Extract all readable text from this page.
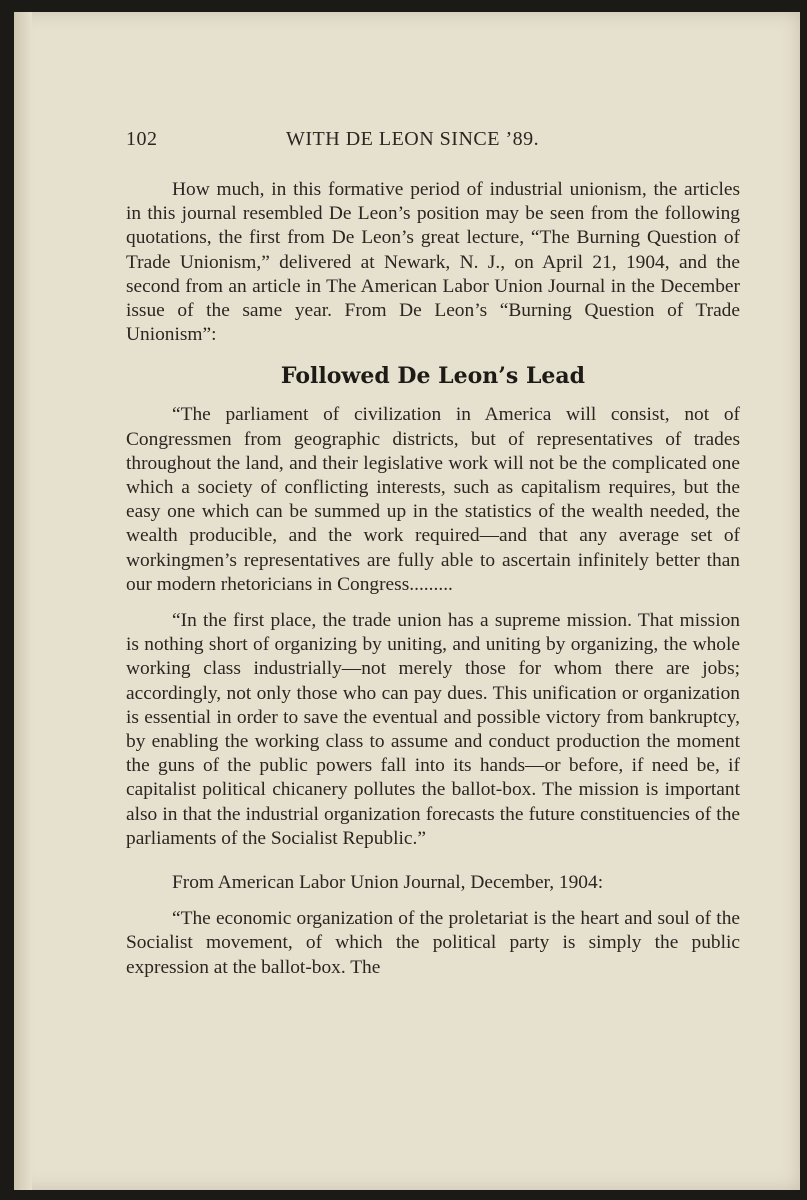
102	WITH DE LEON SINCE ’89.

How much, in this formative period of industrial unionism, the articles in this journal resembled De Leon’s position may be seen from the following quotations, the first from De Leon’s great lecture, “The Burning Question of Trade Unionism,” delivered at Newark, N. J., on April 21, 1904, and the second from an article in The American Labor Union Journal in the December issue of the same year. From De Leon’s “Burning Question of Trade Unionism”:

Followed De Leon’s Lead

“The parliament of civilization in America will consist, not of Congressmen from geographic districts, but of representatives of trades throughout the land, and their legislative work will not be the complicated one which a society of conflicting interests, such as capitalism requires, but the easy one which can be summed up in the statistics of the wealth needed, the wealth producible, and the work required—and that any average set of workingmen’s representatives are fully able to ascertain infinitely better than our modern rhetoricians in Congress.........

“In the first place, the trade union has a supreme mission. That mission is nothing short of organizing by uniting, and uniting by organizing, the whole working class industrially—not merely those for whom there are jobs; accordingly, not only those who can pay dues. This unification or organization is essential in order to save the eventual and possible victory from bankruptcy, by enabling the working class to assume and conduct production the moment the guns of the public powers fall into its hands—or before, if need be, if capitalist political chicanery pollutes the ballot-box. The mission is important also in that the industrial organization forecasts the future constituencies of the parliaments of the Socialist Republic.”

From American Labor Union Journal, December, 1904:

“The economic organization of the proletariat is the heart and soul of the Socialist movement, of which the political party is simply the public expression at the ballot-box. The
